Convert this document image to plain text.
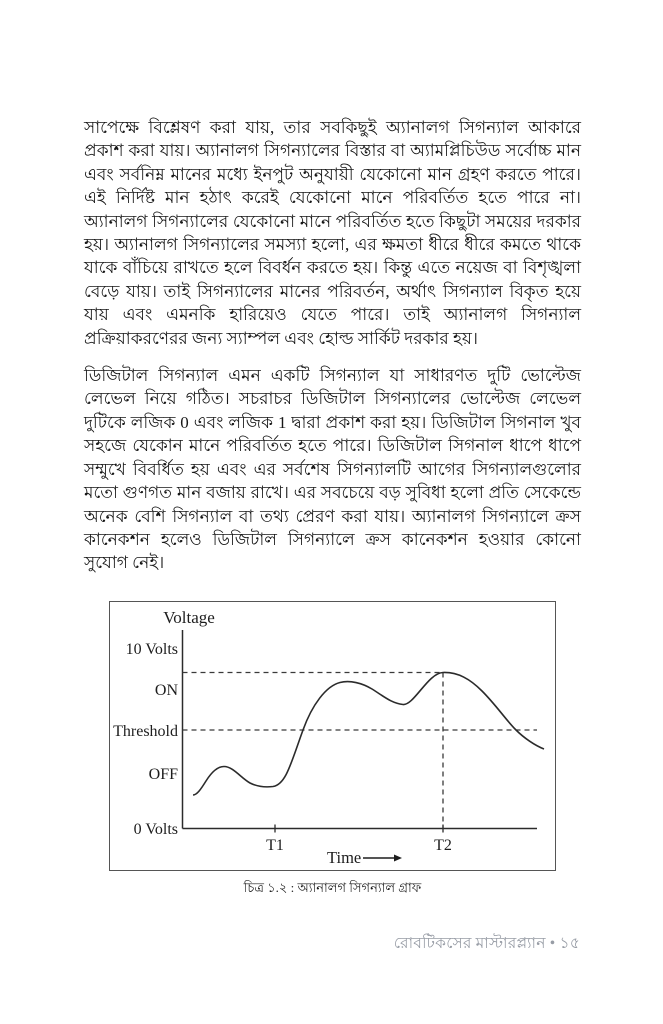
সাপেক্ষে বিশ্লেষণ করা যায়, তার সবকিছুই অ্যানালগ সিগন্যাল আকারে প্রকাশ করা যায়। অ্যানালগ সিগন্যালের বিস্তার বা অ্যামপ্লিচিউড সর্বোচ্চ মান এবং সর্বনিম্ন মানের মধ্যে ইনপুট অনুযায়ী যেকোনো মান গ্রহণ করতে পারে। এই নির্দিষ্ট মান হঠাৎ করেই যেকোনো মানে পরিবর্তিত হতে পারে না। অ্যানালগ সিগন্যালের যেকোনো মানে পরিবর্তিত হতে কিছুটা সময়ের দরকার হয়। অ্যানালগ সিগন্যালের সমস্যা হলো, এর ক্ষমতা ধীরে ধীরে কমতে থাকে যাকে বাঁচিয়ে রাখতে হলে বিবর্ধন করতে হয়। কিন্তু এতে নয়েজ বা বিশৃঙ্খলা বেড়ে যায়। তাই সিগন্যালের মানের পরিবর্তন, অর্থাৎ সিগন্যাল বিকৃত হয়ে যায় এবং এমনকি হারিয়েও যেতে পারে। তাই অ্যানালগ সিগন্যাল প্রক্রিয়াকরণেরর জন্য স্যাম্পল এবং হোল্ড সার্কিট দরকার হয়।

ডিজিটাল সিগন্যাল এমন একটি সিগন্যাল যা সাধারণত দুটি ভোল্টেজ লেভেল নিয়ে গঠিত। সচরাচর ডিজিটাল সিগন্যালের ভোল্টেজ লেভেল দুটিকে লজিক 0 এবং লজিক 1 দ্বারা প্রকাশ করা হয়। ডিজিটাল সিগনাল খুব সহজে যেকোন মানে পরিবর্তিত হতে পারে। ডিজিটাল সিগনাল ধাপে ধাপে সম্মুখে বিবর্ধিত হয় এবং এর সর্বশেষ সিগন্যালটি আগের সিগন্যালগুলোর মতো গুণগত মান বজায় রাখে। এর সবচেয়ে বড় সুবিধা হলো প্রতি সেকেন্ডে অনেক বেশি সিগন্যাল বা তথ্য প্রেরণ করা যায়। অ্যানালগ সিগন্যালে ক্রস কানেকশন হলেও ডিজিটাল সিগন্যালে ক্রস কানেকশন হওয়ার কোনো সুযোগ নেই।

Voltage
10 Volts
ON
Threshold
OFF
0 Volts
T1	T2
Time
চিত্র ১.২ : অ্যানালগ সিগন্যাল গ্রাফ
রোবটিকসের মাস্টারপ্ল্যান • ১৫
